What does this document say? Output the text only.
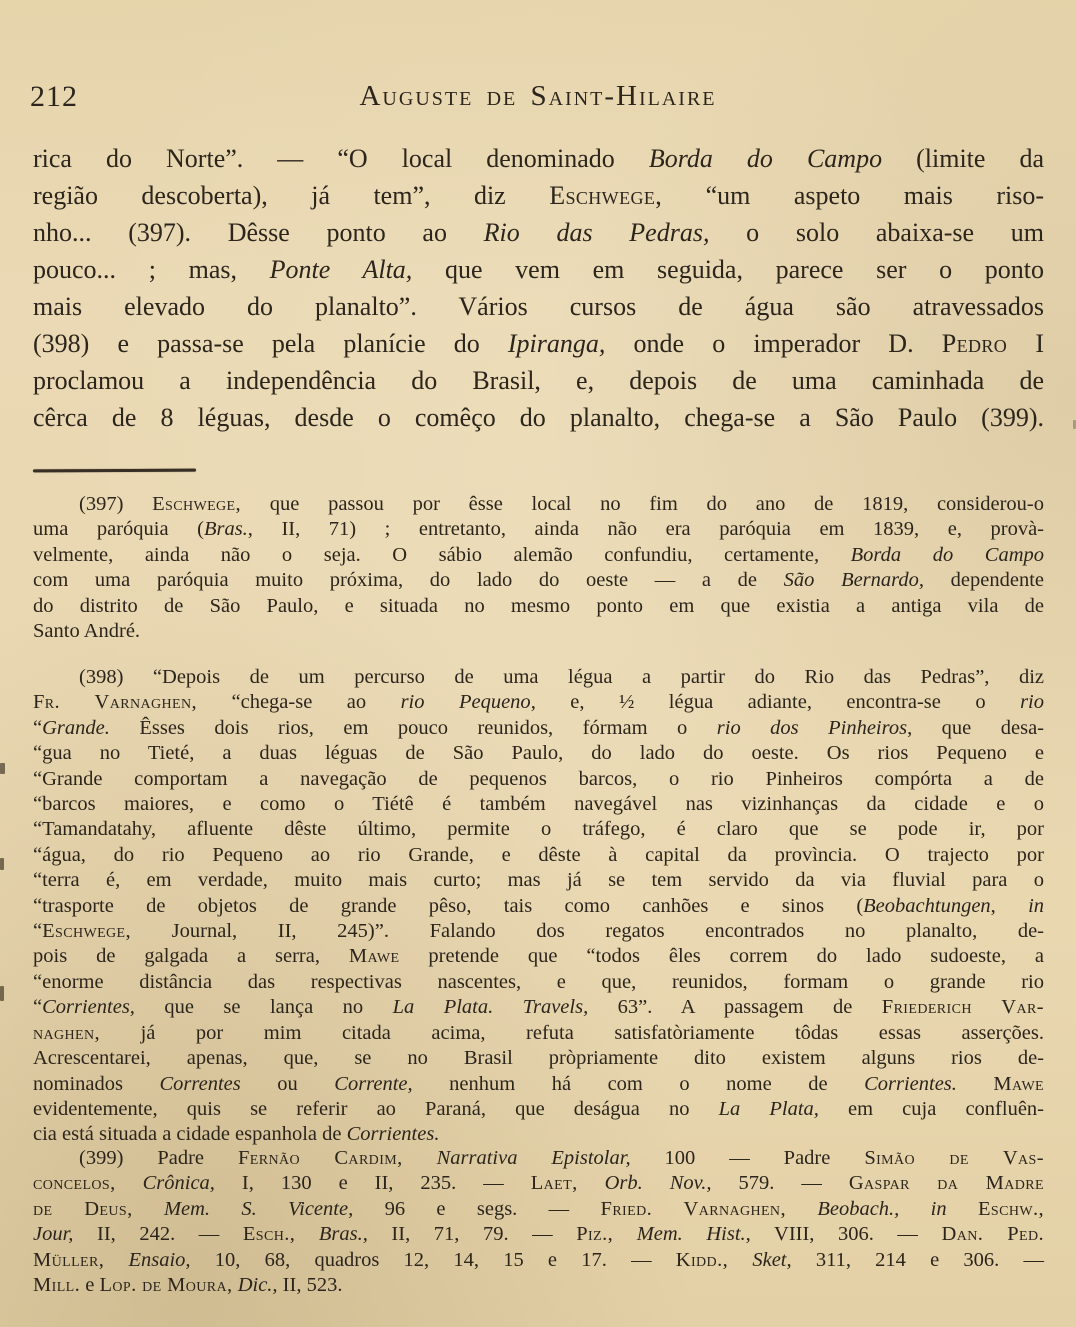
212	Auguste de Saint-Hilaire
rica do Norte”. — “O local denominado Borda do Campo (limite da
região descoberta), já tem”, diz Eschwege, “um aspeto mais riso-
nho... (397). Dêsse ponto ao Rio das Pedras, o solo abaixa-se um
pouco... ; mas, Ponte Alta, que vem em seguida, parece ser o ponto
mais elevado do planalto”. Vários cursos de água são atravessados
(398) e passa-se pela planície do Ipiranga, onde o imperador D. Pedro I
proclamou a independência do Brasil, e, depois de uma caminhada de
cêrca de 8 léguas, desde o comêço do planalto, chega-se a São Paulo (399).
(397) Eschwege, que passou por êsse local no fim do ano de 1819, considerou-o
uma paróquia (Bras., II, 71) ; entretanto, ainda não era paróquia em 1839, e, provà-
velmente, ainda não o seja. O sábio alemão confundiu, certamente, Borda do Campo
com uma paróquia muito próxima, do lado do oeste — a de São Bernardo, dependente
do distrito de São Paulo, e situada no mesmo ponto em que existia a antiga vila de
Santo André.
(398) “Depois de um percurso de uma légua a partir do Rio das Pedras”, diz
Fr. Varnaghen, “chega-se ao rio Pequeno, e, ½ légua adiante, encontra-se o rio
“Grande. Êsses dois rios, em pouco reunidos, fórmam o rio dos Pinheiros, que desa-
“gua no Tieté, a duas léguas de São Paulo, do lado do oeste. Os rios Pequeno e
“Grande comportam a navegação de pequenos barcos, o rio Pinheiros compórta a de
“barcos maiores, e como o Tiétê é também navegável nas vizinhanças da cidade e o
“Tamandatahy, afluente dêste último, permite o tráfego, é claro que se pode ir, por
“água, do rio Pequeno ao rio Grande, e dêste à capital da provìncia. O trajecto por
“terra é, em verdade, muito mais curto; mas já se tem servido da via fluvial para o
“trasporte de objetos de grande pêso, tais como canhões e sinos (Beobachtungen, in
“Eschwege, Journal, II, 245)”. Falando dos regatos encontrados no planalto, de-
pois de galgada a serra, Mawe pretende que “todos êles correm do lado sudoeste, a
“enorme distância das respectivas nascentes, e que, reunidos, formam o grande rio
“Corrientes, que se lança no La Plata. Travels, 63”. A passagem de Friederich Var-
naghen, já por mim citada acima, refuta satisfatòriamente tôdas essas asserções.
Acrescentarei, apenas, que, se no Brasil pròpriamente dito existem alguns rios de-
nominados Correntes ou Corrente, nenhum há com o nome de Corrientes. Mawe
evidentemente, quis se referir ao Paraná, que deságua no La Plata, em cuja confluên-
cia está situada a cidade espanhola de Corrientes.
(399) Padre Fernão Cardim, Narrativa Epistolar, 100 — Padre Simão de Vas-
concelos, Crônica, I, 130 e II, 235. — Laet, Orb. Nov., 579. — Gaspar da Madre
de Deus, Mem. S. Vicente, 96 e segs. — Fried. Varnaghen, Beobach., in Eschw.,
Jour, II, 242. — Esch., Bras., II, 71, 79. — Piz., Mem. Hist., VIII, 306. — Dan. Ped.
Müller, Ensaio, 10, 68, quadros 12, 14, 15 e 17. — Kidd., Sket, 311, 214 e 306. —
Mill. e Lop. de Moura, Dic., II, 523.
